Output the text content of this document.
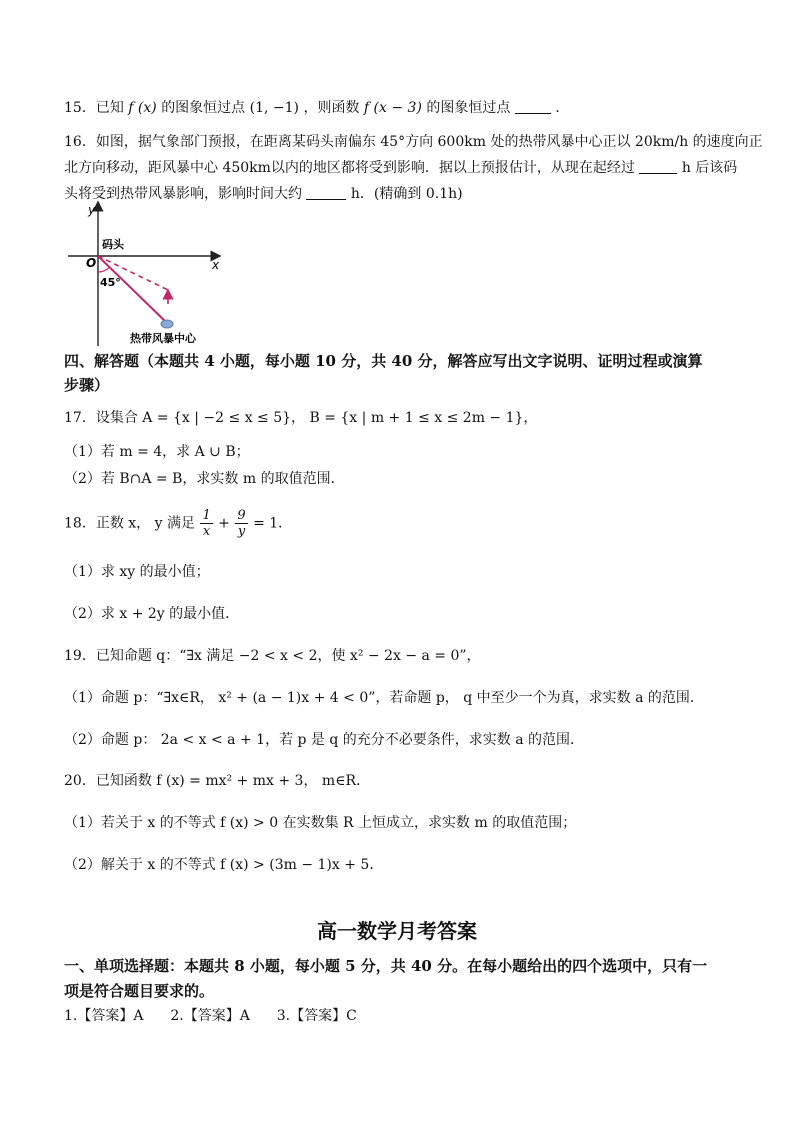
15．已知 f (x) 的图象恒过点 (1, −1) ，则函数 f (x − 3) 的图象恒过点	.
16．如图，据气象部门预报，在距离某码头南偏东 45°方向 600km 处的热带风暴中心正以 20km/h 的速度向正
北方向移动，距风暴中心 450km以内的地区都将受到影响．据以上预报估计，从现在起经过	h 后该码
头将受到热带风暴影响，影响时间大约	h．(精确到 0.1h)
y
x
O
码头
45°
热带风暴中心
四、解答题（本题共 4 小题，每小题 10 分，共 40 分，解答应写出文字说明、证明过程或演算
步骤）
17．设集合 A = {x | −2 ≤ x ≤ 5}， B = {x | m + 1 ≤ x ≤ 2m − 1}，
（1）若 m = 4，求 A ∪ B；
（2）若 B∩A = B，求实数 m 的取值范围．
18．正数 x， y 满足 $\frac{1}{x} + \frac{9}{y} = 1$．
（1）求 xy 的最小值；
（2）求 x + 2y 的最小值．
19．已知命题 q：“∃x 满足 −2 < x < 2，使 x² − 2x − a = 0”，
（1）命题 p：“∃x∈R， x² + (a − 1)x + 4 < 0”，若命题 p， q 中至少一个为真，求实数 a 的范围．
（2）命题 p： 2a < x < a + 1，若 p 是 q 的充分不必要条件，求实数 a 的范围．
20．已知函数 f (x) = mx² + mx + 3， m∈R．
（1）若关于 x 的不等式 f (x) > 0 在实数集 R 上恒成立，求实数 m 的取值范围；
（2）解关于 x 的不等式 f (x) > (3m − 1)x + 5．
高一数学月考答案
一、单项选择题：本题共 8 小题，每小题 5 分，共 40 分。在每小题给出的四个选项中，只有一
项是符合题目要求的。
1.【答案】A 2.【答案】A 3.【答案】C
